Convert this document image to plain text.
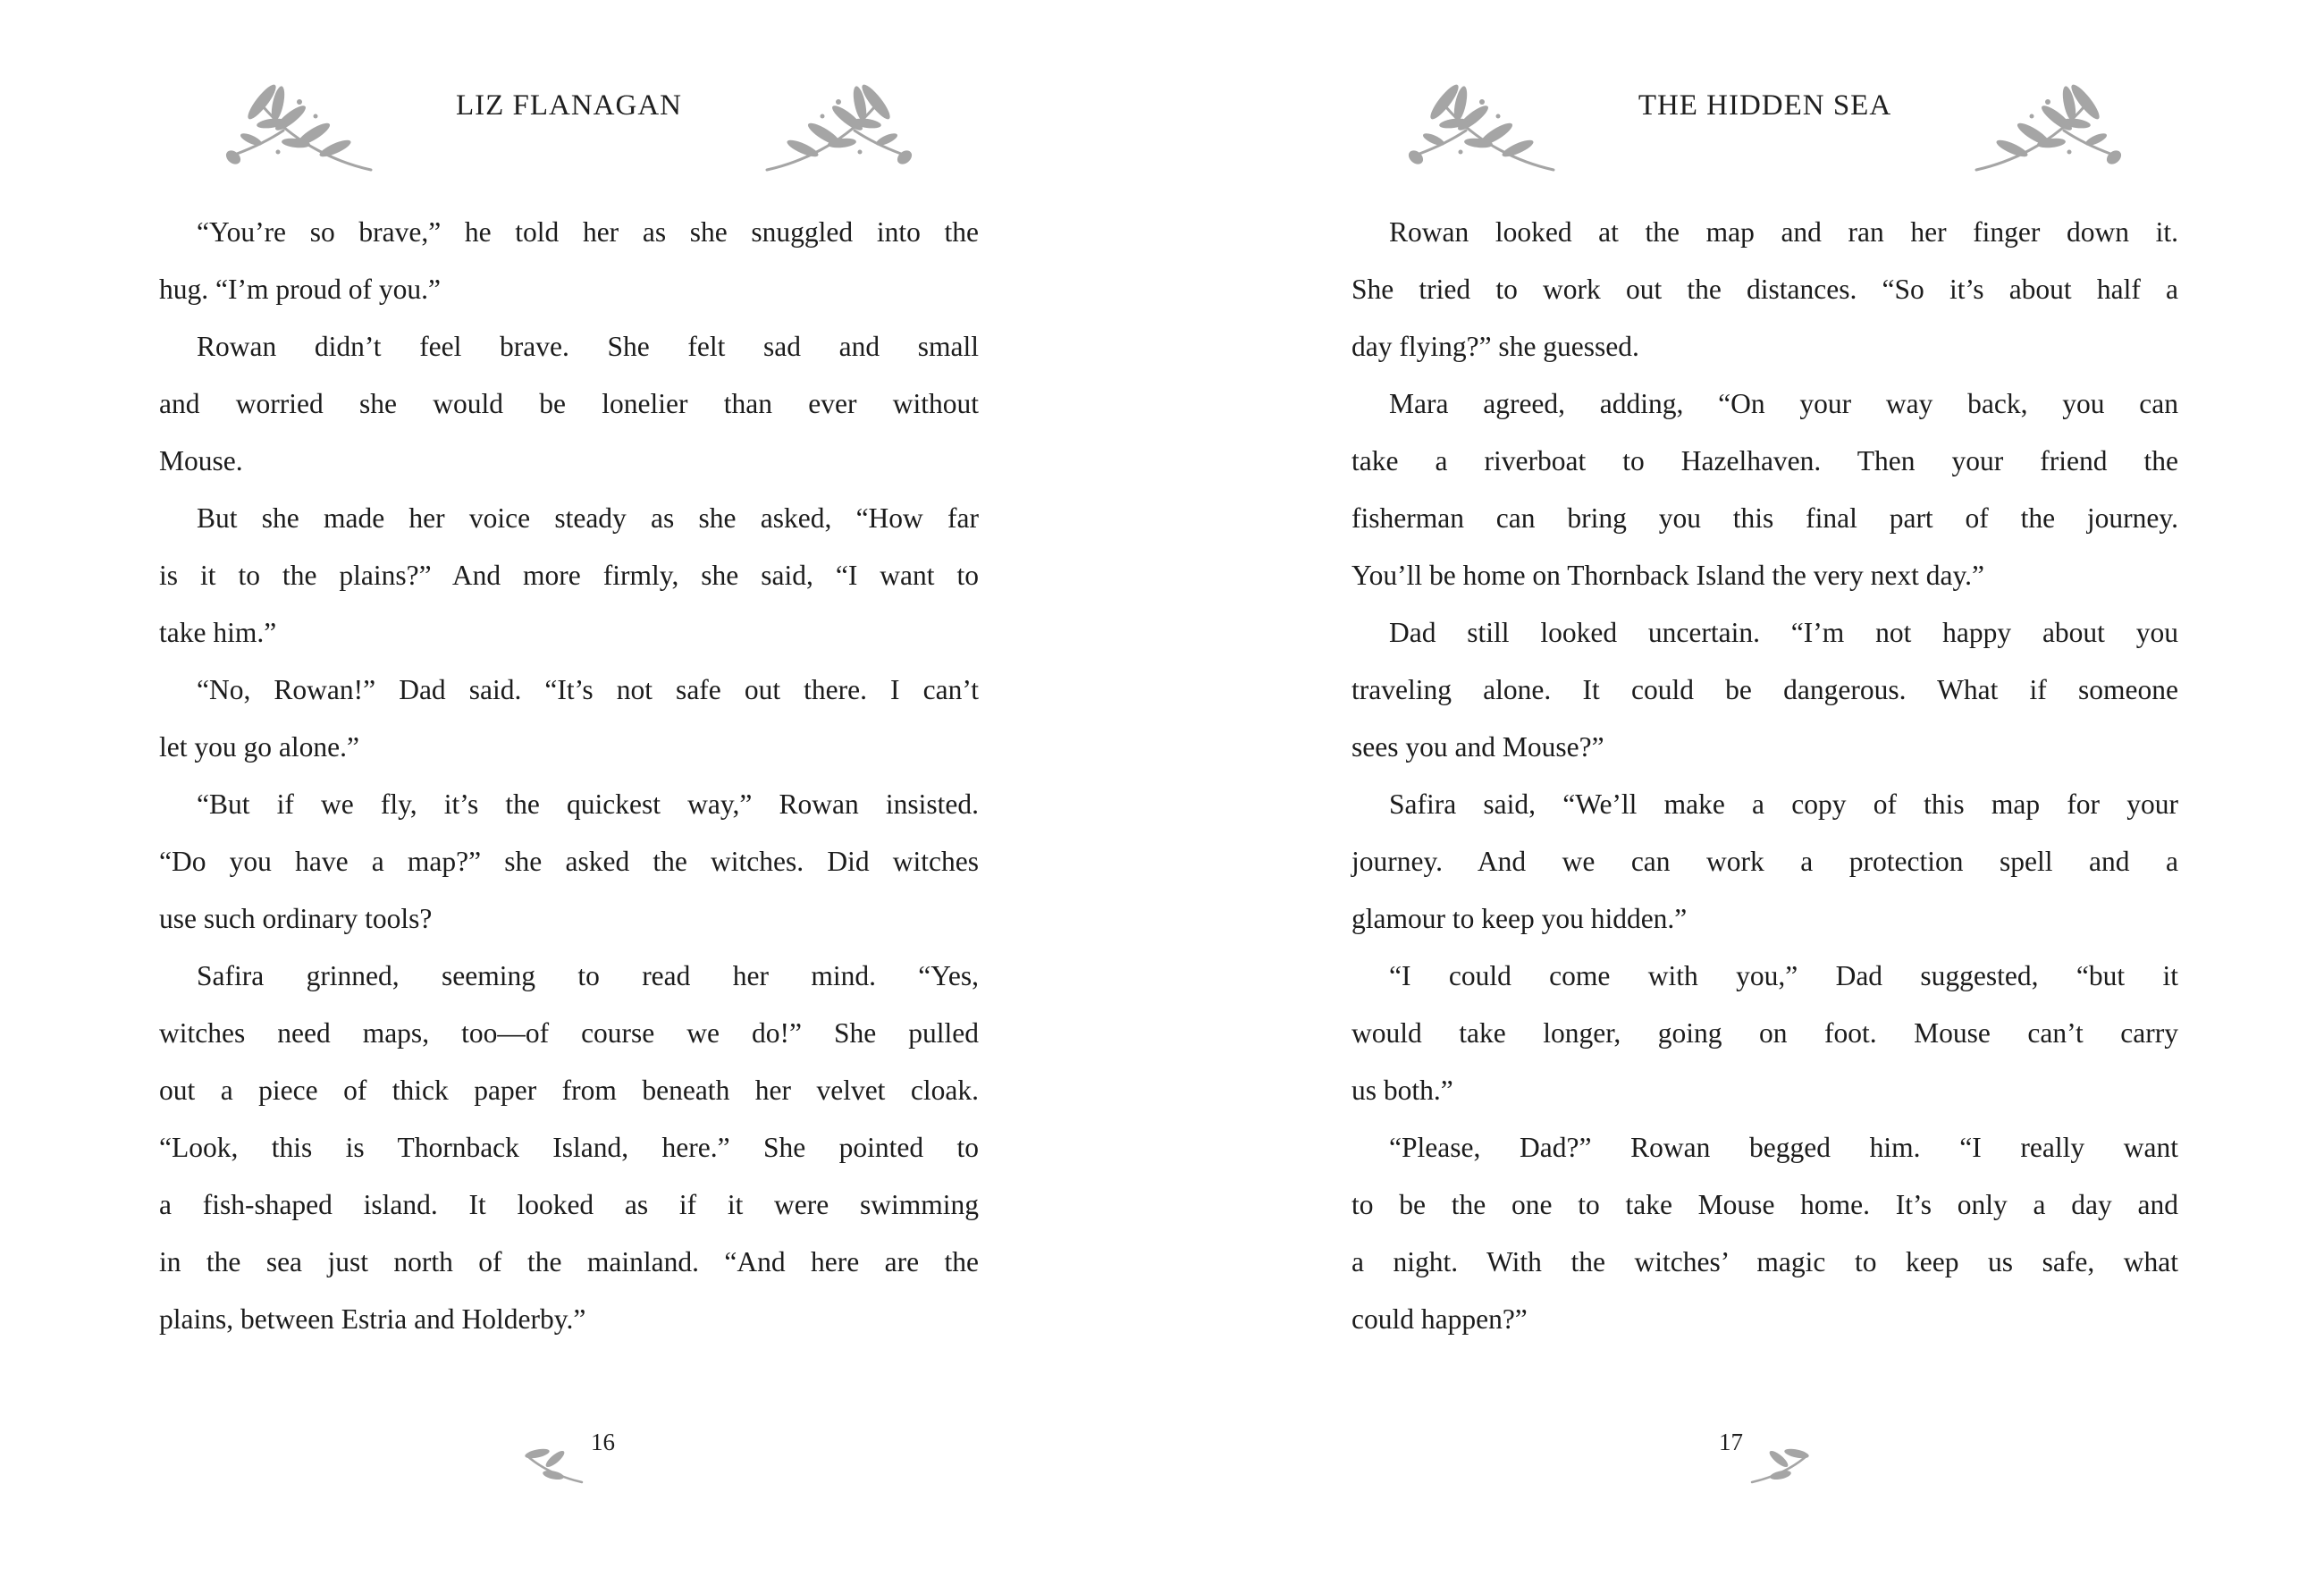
LIZ FLANAGAN
“You’re so brave,” he told her as she snuggled into the
hug. “I’m proud of you.”
Rowan didn’t feel brave. She felt sad and small
and worried she would be lonelier than ever without
Mouse.
But she made her voice steady as she asked, “How far
is it to the plains?” And more firmly, she said, “I want to
take him.”
“No, Rowan!” Dad said. “It’s not safe out there. I can’t
let you go alone.”
“But if we fly, it’s the quickest way,” Rowan insisted.
“Do you have a map?” she asked the witches. Did witches
use such ordinary tools?
Safira grinned, seeming to read her mind. “Yes,
witches need maps, too—of course we do!” She pulled
out a piece of thick paper from beneath her velvet cloak.
“Look, this is Thornback Island, here.” She pointed to
a fish-shaped island. It looked as if it were swimming
in the sea just north of the mainland. “And here are the
plains, between Estria and Holderby.”
16
THE HIDDEN SEA
Rowan looked at the map and ran her finger down it.
She tried to work out the distances. “So it’s about half a
day flying?” she guessed.
Mara agreed, adding, “On your way back, you can
take a riverboat to Hazelhaven. Then your friend the
fisherman can bring you this final part of the journey.
You’ll be home on Thornback Island the very next day.”
Dad still looked uncertain. “I’m not happy about you
traveling alone. It could be dangerous. What if someone
sees you and Mouse?”
Safira said, “We’ll make a copy of this map for your
journey. And we can work a protection spell and a
glamour to keep you hidden.”
“I could come with you,” Dad suggested, “but it
would take longer, going on foot. Mouse can’t carry
us both.”
“Please, Dad?” Rowan begged him. “I really want
to be the one to take Mouse home. It’s only a day and
a night. With the witches’ magic to keep us safe, what
could happen?”
17
